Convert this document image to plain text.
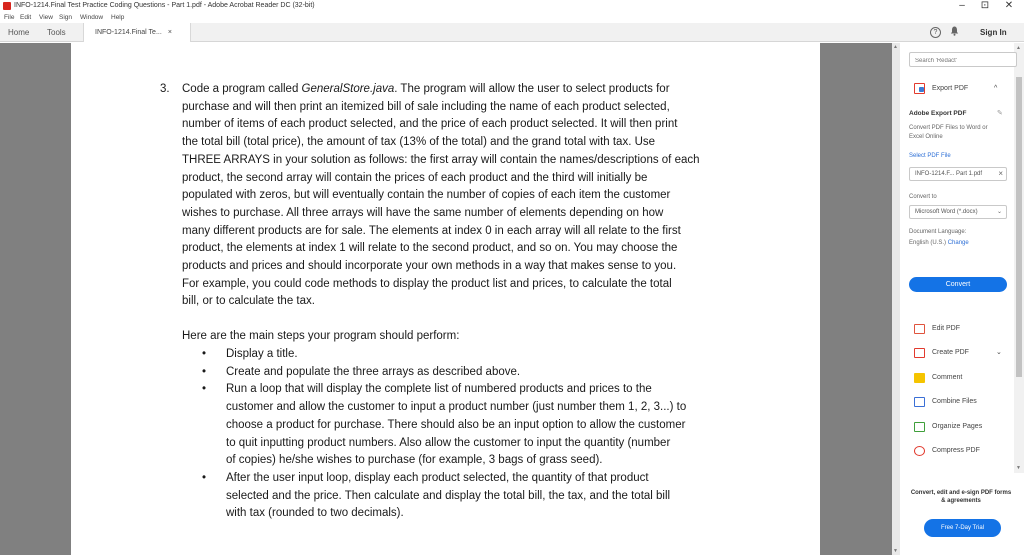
INFO-1214.Final Test Practice Coding Questions - Part 1.pdf - Adobe Acrobat Reader DC (32-bit)	–	⊡	✕
File Edit View Sign Window Help
Home Tools	INFO-1214.Final Te... ×	?	Sign In
3. Code a program called GeneralStore.java. The program will allow the user to select products for

purchase and will then print an itemized bill of sale including the name of each product selected,

number of items of each product selected, and the price of each product selected. It will then print

the total bill (total price), the amount of tax (13% of the total) and the grand total with tax. Use

THREE ARRAYS in your solution as follows: the first array will contain the names/descriptions of each

product, the second array will contain the prices of each product and the third will initially be

populated with zeros, but will eventually contain the number of copies of each item the customer

wishes to purchase. All three arrays will have the same number of elements depending on how

many different products are for sale. The elements at index 0 in each array will all relate to the first

product, the elements at index 1 will relate to the second product, and so on. You may choose the

products and prices and should incorporate your own methods in a way that makes sense to you.

For example, you could code methods to display the product list and prices, to calculate the total

bill, or to calculate the tax.

Here are the main steps your program should perform:

• Display a title.

• Create and populate the three arrays as described above.

• Run a loop that will display the complete list of numbered products and prices to the

customer and allow the customer to input a product number (just number them 1, 2, 3...) to

choose a product for purchase. There should also be an input option to allow the customer

to quit inputting product numbers. Also allow the customer to input the quantity (number

of copies) he/she wishes to purchase (for example, 3 bags of grass seed).

• After the user input loop, display each product selected, the quantity of that product

selected and the price. Then calculate and display the total bill, the tax, and the total bill

with tax (rounded to two decimals).

▲
▼
▲
▼
Search 'Redact'
Export PDF	^
Adobe Export PDF	✎
Convert PDF Files to Word or Excel Online
Select PDF File
INFO-1214.F... Part 1.pdf ×
Convert to
Microsoft Word (*.docx)	⌄
Document Language:
English (U.S.) Change
Convert
Edit PDF
Create PDF	⌄
Comment
Combine Files
Organize Pages
Compress PDF
Convert, edit and e-sign PDF forms & agreements
Free 7-Day Trial
